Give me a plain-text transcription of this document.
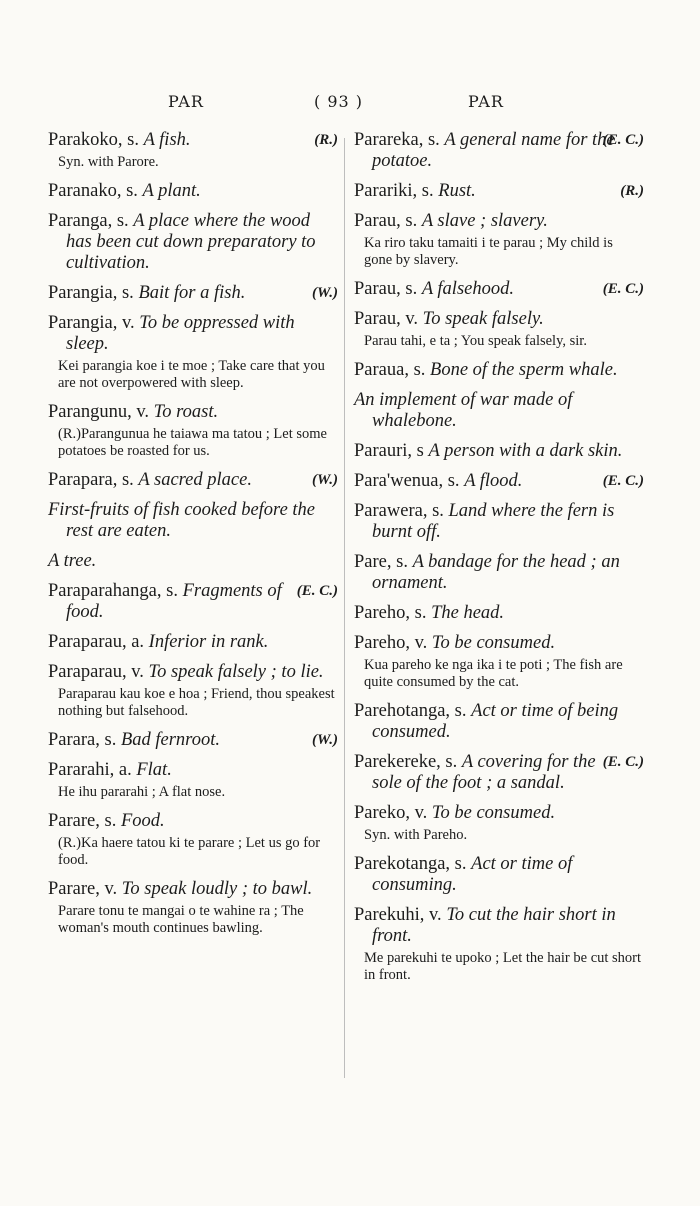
PAR	( 93 )	PAR
(R.)
Parakoko, s. A fish.
Syn. with Parore.
Paranako, s. A plant.
Paranga, s. A place where the wood has been cut down preparatory to cultivation.
(W.)
Parangia, s. Bait for a fish.
Parangia, v. To be oppressed with sleep.
Kei parangia koe i te moe ; Take care that you are not overpowered with sleep.
Parangunu, v. To roast.
(R.)Parangunua he taiawa ma tatou ; Let some potatoes be roasted for us.
(W.)
Parapara, s. A sacred place.
First-fruits of fish cooked before the rest are eaten.
A tree.
(E. C.)
Paraparahanga, s. Fragments of food.
Paraparau, a. Inferior in rank.
Paraparau, v. To speak falsely ; to lie.
Paraparau kau koe e hoa ; Friend, thou speakest nothing but falsehood.
(W.)
Parara, s. Bad fernroot.
Pararahi, a. Flat.
He ihu pararahi ; A flat nose.
Parare, s. Food.
(R.)Ka haere tatou ki te parare ; Let us go for food.
Parare, v. To speak loudly ; to bawl.
Parare tonu te mangai o te wahine ra ; The woman's mouth continues bawling.
(E. C.)
Parareka, s. A general name for the potatoe.
(R.)
Parariki, s. Rust.
Parau, s. A slave ; slavery.
Ka riro taku tamaiti i te parau ; My child is gone by slavery.
(E. C.)
Parau, s. A falsehood.
Parau, v. To speak falsely.
Parau tahi, e ta ; You speak falsely, sir.
Paraua, s. Bone of the sperm whale.
An implement of war made of whalebone.
Parauri, s A person with a dark skin.
(E. C.)
Para'wenua, s. A flood.
Parawera, s. Land where the fern is burnt off.
Pare, s. A bandage for the head ; an ornament.
Pareho, s. The head.
Pareho, v. To be consumed.
Kua pareho ke nga ika i te poti ; The fish are quite consumed by the cat.
Parehotanga, s. Act or time of being consumed.
(E. C.)
Parekereke, s. A covering for the sole of the foot ; a sandal.
Pareko, v. To be consumed.
Syn. with Pareho.
Parekotanga, s. Act or time of consuming.
Parekuhi, v. To cut the hair short in front.
Me parekuhi te upoko ; Let the hair be cut short in front.
